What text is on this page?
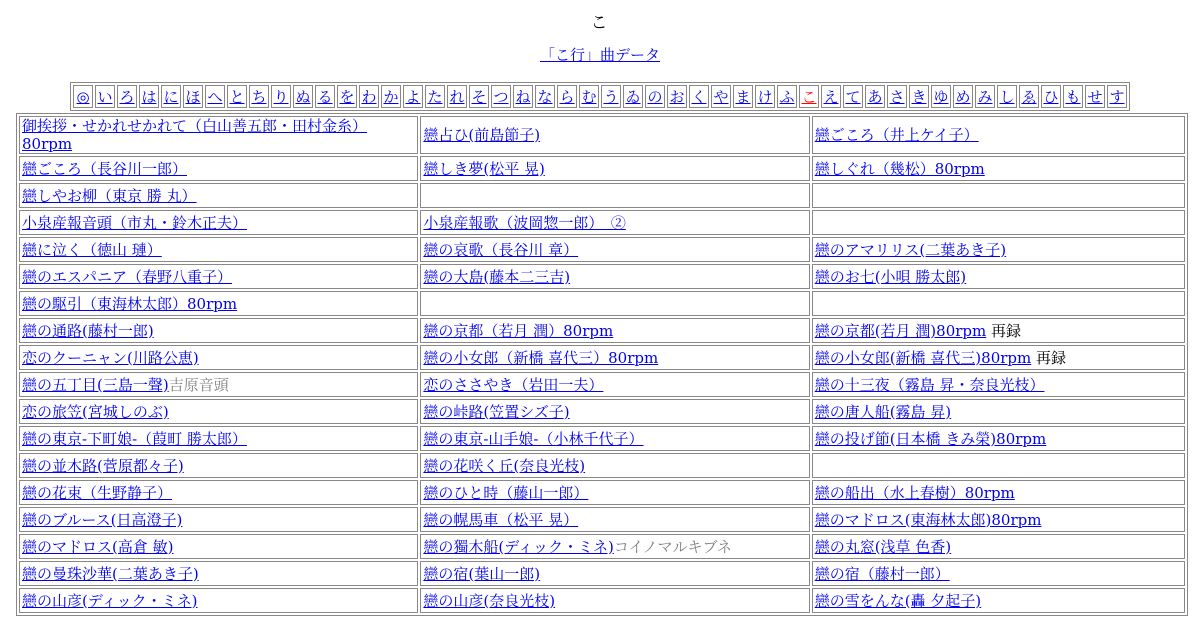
こ
「こ行」曲データ
◎	い	ろ	は	に	ほ	へ	と	ち	り	ぬ	る	を	わ	か	よ	た	れ	そ	つ	ね	な	ら	む	う	ゐ	の	お	く	や	ま	け	ふ	こ	え	て	あ	さ	き	ゆ	め	み	し	ゑ	ひ	も	せ	す
御挨拶・せかれせかれて（白山善五郎・田村金糸）80rpm	戀占ひ(前島節子)	戀ごころ（井上ケイ子）
戀ごころ（長谷川一郎）	戀しき夢(松平 晃)	戀しぐれ（幾松）80rpm
戀しやお柳（東京 勝 丸）		
小泉産報音頭（市丸・鈴木正夫）	小泉産報歌（波岡惣一郎）　②	
戀に泣く（徳山 璉）	戀の哀歌（長谷川 章）	戀のアマリリス(二葉あき子)
戀のエスパニア（春野八重子）	戀の大島(藤本二三吉)	戀のお七(小唄 勝太郎)
戀の駆引（東海林太郎）80rpm		
戀の通路(藤村一郎)	戀の京都（若月 潤）80rpm	戀の京都(若月 潤)80rpm 再録
恋のクーニャン(川路公恵)	戀の小女郎（新橋 喜代三）80rpm	戀の小女郎(新橋 喜代三)80rpm 再録
戀の五丁目(三島一聲)吉原音頭	恋のささやき（岩田一夫）	戀の十三夜（霧島 昇・奈良光枝）
恋の旅笠(宮城しのぶ)	戀の峠路(笠置シズ子)	戀の唐人船(霧島 昇)
戀の東京-下町娘-（葭町 勝太郎）	戀の東京-山手娘-（小林千代子）	戀の投げ節(日本橋 きみ榮)80rpm
戀の並木路(菅原都々子)	戀の花咲く丘(奈良光枝)	
戀の花束（生野静子）	戀のひと時（藤山一郎）	戀の船出（水上春樹）80rpm
戀のブルース(日高澄子)	戀の幌馬車（松平 晃）	戀のマドロス(東海林太郎)80rpm
戀のマドロス(高倉 敏)	戀の獨木船(ディック・ミネ)コイノマルキブネ	戀の丸窓(浅草 色香)
戀の曼珠沙華(二葉あき子)	戀の宿(葉山一郎)	戀の宿（藤村一郎）
戀の山彦(ディック・ミネ)	戀の山彦(奈良光枝)	戀の雪をんな(轟 夕起子)
